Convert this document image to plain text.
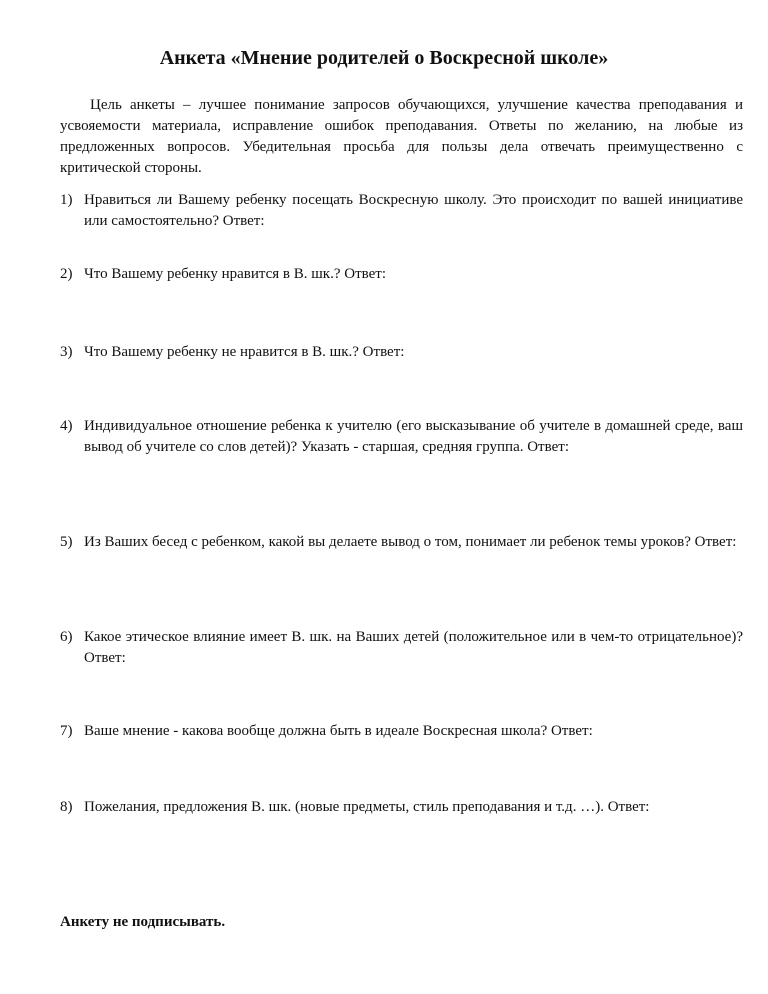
Анкета «Мнение родителей о Воскресной школе»

Цель анкеты – лучшее понимание запросов обучающихся, улучшение качества преподавания и усвояемости материала, исправление ошибок преподавания. Ответы по желанию, на любые из предложенных вопросов. Убедительная просьба для пользы дела отвечать преимущественно с критической стороны.

1) Нравиться ли Вашему ребенку посещать Воскресную школу. Это происходит по вашей инициативе или самостоятельно? Ответ:
2) Что Вашему ребенку нравится в В. шк.? Ответ:
3) Что Вашему ребенку не нравится в В. шк.? Ответ:
4) Индивидуальное отношение ребенка к учителю (его высказывание об учителе в домашней среде, ваш вывод об учителе со слов детей)? Указать - старшая, средняя группа. Ответ:
5) Из Ваших бесед с ребенком, какой вы делаете вывод о том, понимает ли ребенок темы уроков? Ответ:
6) Какое этическое влияние имеет В. шк. на Ваших детей (положительное или в чем-то отрицательное)? Ответ:
7) Ваше мнение - какова вообще должна быть в идеале Воскресная школа? Ответ:
8) Пожелания, предложения В. шк. (новые предметы, стиль преподавания и т.д. …). Ответ:

Анкету не подписывать.
